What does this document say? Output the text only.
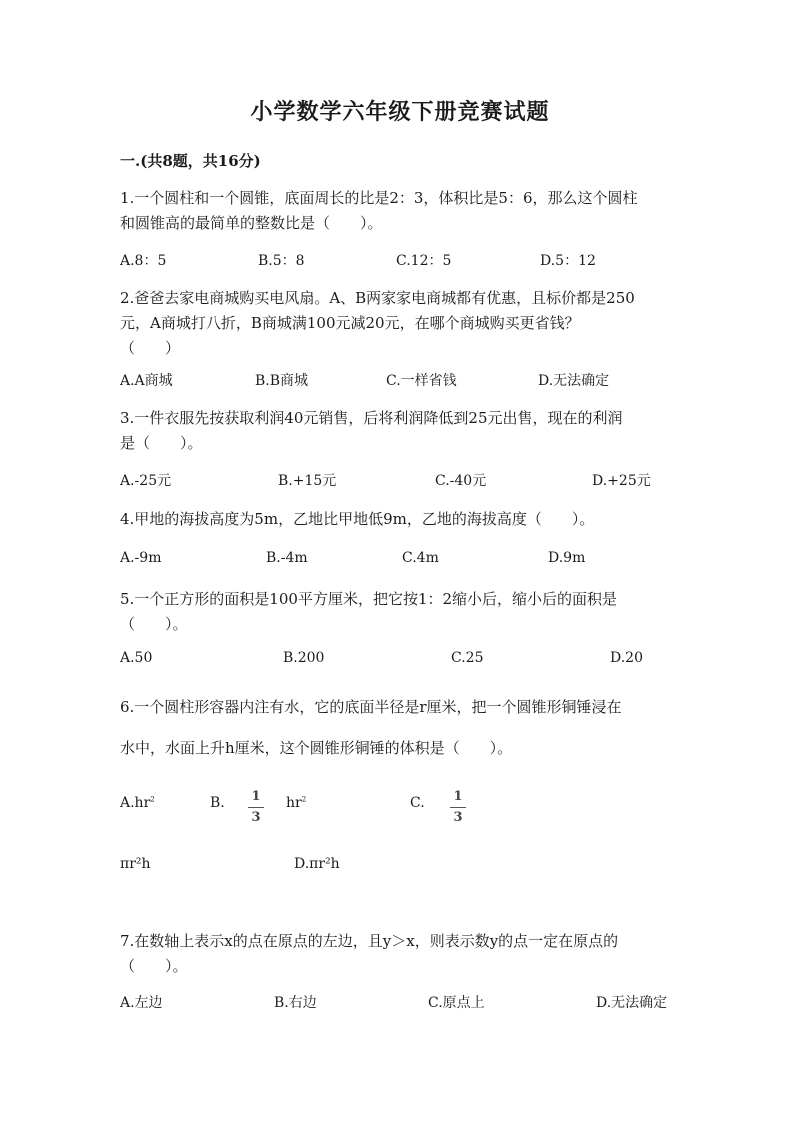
小学数学六年级下册竞赛试题
一.(共8题，共16分)
1.一个圆柱和一个圆锥，底面周长的比是2：3，体积比是5：6，那么这个圆柱
和圆锥高的最简单的整数比是（　　）。
A.8：5	B.5：8	C.12：5	D.5：12
2.爸爸去家电商城购买电风扇。A、B两家家电商城都有优惠，且标价都是250
元，A商城打八折，B商城满100元减20元，在哪个商城购买更省钱？
（　　）
A.A商城	B.B商城	C.一样省钱	D.无法确定
3.一件衣服先按获取利润40元销售，后将利润降低到25元出售，现在的利润
是（　　）。
A.-25元	B.+15元	C.-40元	D.+25元
4.甲地的海拔高度为5m，乙地比甲地低9m，乙地的海拔高度（　　）。
A.-9m	B.-4m	C.4m	D.9m
5.一个正方形的面积是100平方厘米，把它按1：2缩小后，缩小后的面积是
（　　）。
A.50	B.200	C.25	D.20
6.一个圆柱形容器内注有水，它的底面半径是r厘米，把一个圆锥形铜锤浸在
水中，水面上升h厘米，这个圆锥形铜锤的体积是（　　）。
$A.hr^2$	B. 1
3
$hr^2$	C. 1
3
πr²h	D.πr²h
7.在数轴上表示x的点在原点的左边，且y＞x，则表示数y的点一定在原点的
（　　）。
A.左边	B.右边	C.原点上	D.无法确定
